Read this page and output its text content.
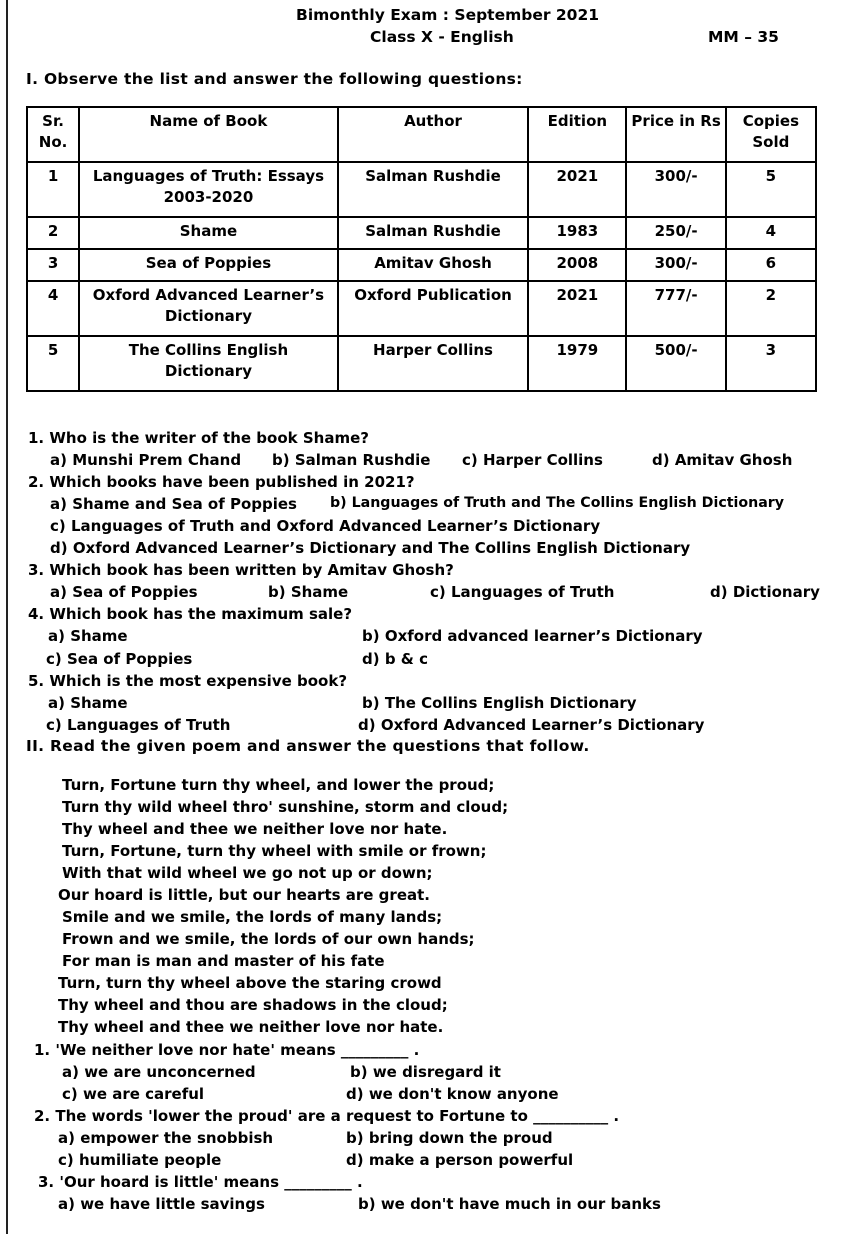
Bimonthly Exam : September 2021
Class X - English	MM – 35
I. Observe the list and answer the following questions:
Sr. No.	Name of Book	Author	Edition	Price in Rs	Copies Sold
1	Languages of Truth: Essays 2003-2020	Salman Rushdie	2021	300/-	5
2	Shame	Salman Rushdie	1983	250/-	4
3	Sea of Poppies	Amitav Ghosh	2008	300/-	6
4	Oxford Advanced Learner’s Dictionary	Oxford Publication	2021	777/-	2
5	The Collins English Dictionary	Harper Collins	1979	500/-	3
1. Who is the writer of the book Shame?
a) Munshi Prem Chand b) Salman Rushdie c) Harper Collins	d) Amitav Ghosh
2. Which books have been published in 2021?
a) Shame and Sea of Poppies b) Languages of Truth and The Collins English Dictionary
c) Languages of Truth and Oxford Advanced Learner’s Dictionary
d) Oxford Advanced Learner’s Dictionary and The Collins English Dictionary
3. Which book has been written by Amitav Ghosh?
a) Sea of Poppies	b) Shame	c) Languages of Truth	d) Dictionary
4. Which book has the maximum sale?
a) Shame	b) Oxford advanced learner’s Dictionary
c) Sea of Poppies	d) b & c
5. Which is the most expensive book?
a) Shame	b) The Collins English Dictionary
c) Languages of Truth	d) Oxford Advanced Learner’s Dictionary
II. Read the given poem and answer the questions that follow.
Turn, Fortune turn thy wheel, and lower the proud;
Turn thy wild wheel thro' sunshine, storm and cloud;
Thy wheel and thee we neither love nor hate.
Turn, Fortune, turn thy wheel with smile or frown;
With that wild wheel we go not up or down;
Our hoard is little, but our hearts are great.
Smile and we smile, the lords of many lands;
Frown and we smile, the lords of our own hands;
For man is man and master of his fate
Turn, turn thy wheel above the staring crowd
Thy wheel and thou are shadows in the cloud;
Thy wheel and thee we neither love nor hate.
1. 'We neither love nor hate' means _________ .
a) we are unconcerned	b) we disregard it
c) we are careful	d) we don't know anyone
2. The words 'lower the proud' are a request to Fortune to __________ .
a) empower the snobbish	b) bring down the proud
c) humiliate people	d) make a person powerful
3. 'Our hoard is little' means _________ .
a) we have little savings	b) we don't have much in our banks
